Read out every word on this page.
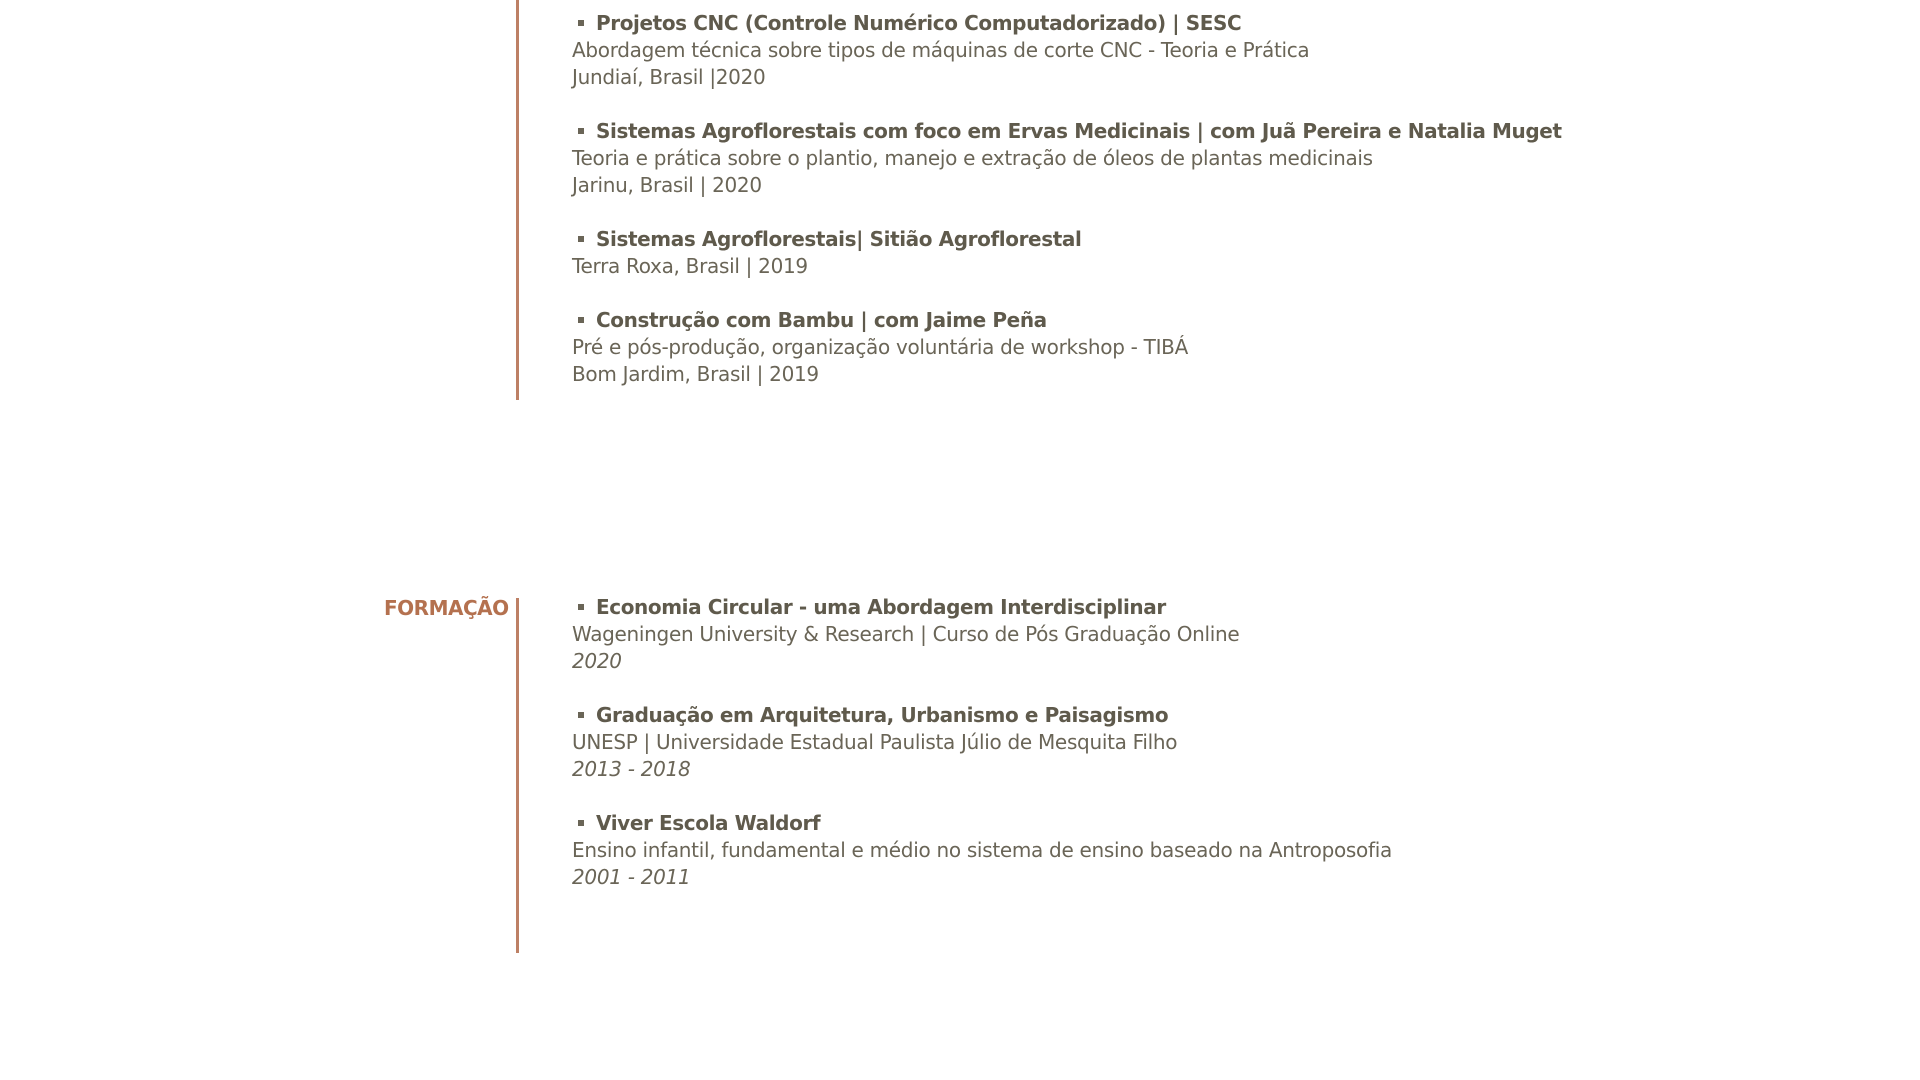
Projetos CNC (Controle Numérico Computadorizado) | SESC
Abordagem técnica sobre tipos de máquinas de corte CNC - Teoria e Prática
Jundiaí, Brasil |2020
Sistemas Agroflorestais com foco em Ervas Medicinais | com Juã Pereira e Natalia Muget
Teoria e prática sobre o plantio, manejo e extração de óleos de plantas medicinais
Jarinu, Brasil | 2020
Sistemas Agroflorestais| Sitião Agroflorestal
Terra Roxa, Brasil | 2019
Construção com Bambu | com Jaime Peña
Pré e pós-produção, organização voluntária de workshop - TIBÁ
Bom Jardim, Brasil | 2019
FORMAÇÃO	Economia Circular - uma Abordagem Interdisciplinar
Wageningen University & Research | Curso de Pós Graduação Online
2020
Graduação em Arquitetura, Urbanismo e Paisagismo
UNESP | Universidade Estadual Paulista Júlio de Mesquita Filho
2013 - 2018
Viver Escola Waldorf
Ensino infantil, fundamental e médio no sistema de ensino baseado na Antroposofia
2001 - 2011
